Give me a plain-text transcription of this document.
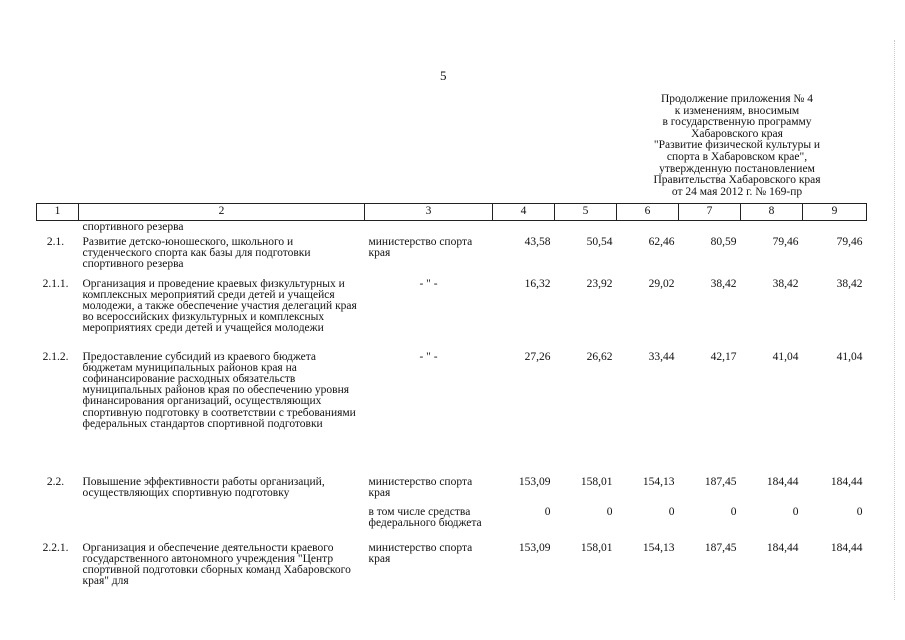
5
Продолжение приложения № 4
к изменениям, вносимым
в государственную программу
Хабаровского края
"Развитие физической культуры и
спорта в Хабаровском крае",
утвержденную постановлением
Правительства Хабаровского края
от 24 мая 2012 г. № 169-пр
1	2	3	4	5	6	7	8	9
	спортивного резерва							
2.1.	Развитие детско-юношеского, школьного и студенческого спорта как базы для подготовки спортивного резерва	министерство спорта края	43,58	50,54	62,46	80,59	79,46	79,46
2.1.1.	Организация и проведение краевых физкультурных и комплексных мероприятий среди детей и учащейся молодежи, а также обеспечение участия делегаций края во всероссийских физкультурных и комплексных мероприятиях среди детей и учащейся молодежи	- " -	16,32	23,92	29,02	38,42	38,42	38,42
2.1.2.	Предоставление субсидий из краевого бюджета бюджетам муниципальных районов края на софинансирование расходных обязательств муниципальных районов края по обеспечению уровня финансирования организаций, осуществляющих спортивную подготовку в соответствии с требованиями федеральных стандартов спортивной подготовки	- " -	27,26	26,62	33,44	42,17	41,04	41,04
2.2.	Повышение эффективности работы организаций, осуществляющих спортивную подготовку	министерство спорта края	153,09	158,01	154,13	187,45	184,44	184,44
		в том числе средства федерального бюджета	0	0	0	0	0	0
2.2.1.	Организация и обеспечение деятельности краевого государственного автономного учреждения "Центр спортивной подготовки сборных команд Хабаровского края" для	министерство спорта края	153,09	158,01	154,13	187,45	184,44	184,44
